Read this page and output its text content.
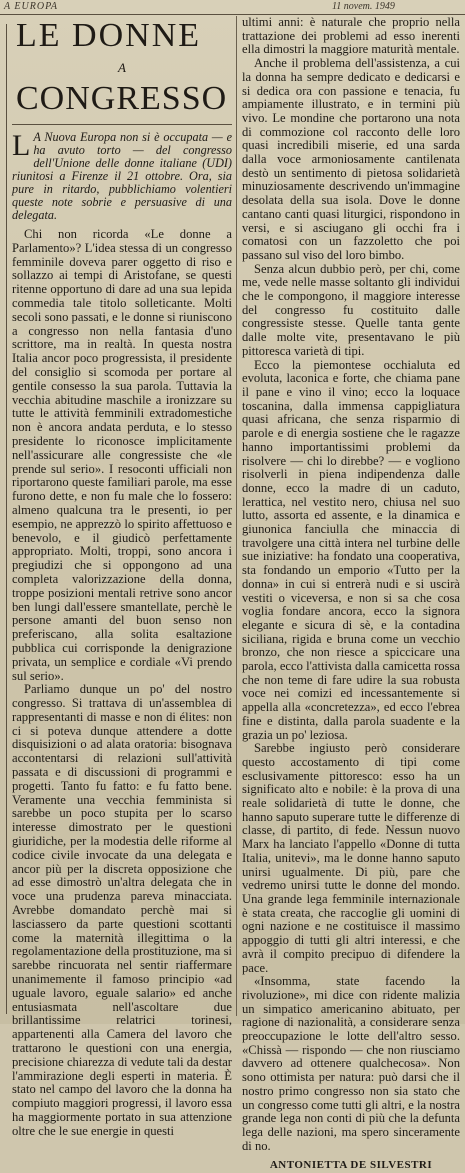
A EUROPA	11 novem. 1949
LE DONNE
A
CONGRESSO

L A Nuova Europa non si è occupata — e ha avuto torto — del congresso dell'Unione delle donne italiane (UDI) riunitosi a Firenze il 21 ottobre. Ora, sia pure in ritardo, pubblichiamo volentieri queste note sobrie e persuasive di una delegata.

Chi non ricorda «Le donne a Parlamento»? L'idea stessa di un congresso femminile doveva parer oggetto di riso e sollazzo ai tempi di Aristofane, se questi ritenne opportuno di dare ad una sua lepida commedia tale titolo solleticante. Molti secoli sono passati, e le donne si riuniscono a congresso non nella fantasia d'uno scrittore, ma in realtà. In questa nostra Italia ancor poco progressista, il presidente del consiglio si scomoda per portare al gentile consesso la sua parola. Tuttavia la vecchia abitudine maschile a ironizzare su tutte le attività femminili extradomestiche non è ancora andata perduta, e lo stesso presidente lo riconosce implicitamente nell'assicurare alle congressiste che «le prende sul serio». I resoconti ufficiali non riportarono queste familiari parole, ma esse furono dette, e non fu male che lo fossero: almeno qualcuna tra le presenti, io per esempio, ne apprezzò lo spirito affettuoso e benevolo, e il giudicò perfettamente appropriato. Molti, troppi, sono ancora i pregiudizi che si oppongono ad una completa valorizzazione della donna, troppe posizioni mentali retrive sono ancor ben lungi dall'essere smantellate, perchè le persone amanti del buon senso non preferiscano, alla solita esaltazione pubblica cui corrisponde la denigrazione privata, un semplice e cordiale «Vi prendo sul serio».

Parliamo dunque un po' del nostro congresso. Si trattava di un'assemblea di rappresentanti di masse e non di élites: non ci si poteva dunque attendere a dotte disquisizioni o ad alata oratoria: bisognava accontentarsi di relazioni sull'attività passata e di discussioni di programmi e progetti. Tanto fu fatto: e fu fatto bene. Veramente una vecchia femminista si sarebbe un poco stupita per lo scarso interesse dimostrato per le questioni giuridiche, per la modestia delle riforme al codice civile invocate da una delegata e ancor più per la discreta opposizione che ad esse dimostrò un'altra delegata che in voce una prudenza pareva minacciata. Avrebbe domandato perchè mai si lasciassero da parte questioni scottanti come la maternità illegittima o la regolamentazione della prostituzione, ma si sarebbe rincuorata nel sentir riaffermare unanimemente il famoso principio «ad uguale lavoro, eguale salario» ed anche entusiasmata nell'ascoltare due brillantissime relatrici torinesi, appartenenti alla Camera del lavoro che trattarono le questioni con una energia, precisione chiarezza di vedute tali da destar l'ammirazione degli esperti in materia. È stato nel campo del lavoro che la donna ha compiuto maggiori progressi, il lavoro essa ha maggiormente portato in sua attenzione oltre che le sue energie in questi

ultimi anni: è naturale che proprio nella trattazione dei problemi ad esso inerenti ella dimostri la maggiore maturità mentale.

Anche il problema dell'assistenza, a cui la donna ha sempre dedicato e dedicarsi e si dedica ora con passione e tenacia, fu ampiamente illustrato, e in termini più vivo. Le mondine che portarono una nota di commozione col racconto delle loro quasi incredibili miserie, ed una sarda dalla voce armoniosamente cantilenata destò un sentimento di pietosa solidarietà minuziosamente descrivendo un'immagine desolata della sua isola. Dove le donne cantano canti quasi liturgici, rispondono in versi, e si asciugano gli occhi fra i comatosi con un fazzoletto che poi passano sul viso del loro bimbo.

Senza alcun dubbio però, per chi, come me, vede nelle masse soltanto gli individui che le compongono, il maggiore interesse del congresso fu costituito dalle congressiste stesse. Quelle tanta gente dalle molte vite, presentavano le più pittoresca varietà di tipi.

Ecco la piemontese occhialuta ed evoluta, laconica e forte, che chiama pane il pane e vino il vino; ecco la loquace toscanina, dalla immensa cappigliatura quasi africana, che senza risparmio di parole e di energia sostiene che le ragazze hanno importantissimi problemi da risolvere — chi lo direbbe? — e vogliono risolverli in piena indipendenza dalle donne, ecco la madre di un caduto, lerattica, nel vestito nero, chiusa nel suo lutto, assorta ed assente, e la dinamica e giunonica fanciulla che minaccia di travolgere una città intera nel turbine delle sue iniziative: ha fondato una cooperativa, sta fondando un emporio «Tutto per la donna» in cui si entrerà nudi e si uscirà vestiti o viceversa, e non si sa che cosa voglia fondare ancora, ecco la signora elegante e sicura di sè, e la contadina siciliana, rigida e bruna come un vecchio bronzo, che non riesce a spiccicare una parola, ecco l'attivista dalla camicetta rossa che non teme di fare udire la sua robusta voce nei comizi ed incessantemente si appella alla «concretezza», ed ecco l'ebrea fine e distinta, dalla parola suadente e la grazia un po' leziosa.

Sarebbe ingiusto però considerare questo accostamento di tipi come esclusivamente pittoresco: esso ha un significato alto e nobile: è la prova di una reale solidarietà di tutte le donne, che hanno saputo superare tutte le differenze di classe, di partito, di fede. Nessun nuovo Marx ha lanciato l'appello «Donne di tutta Italia, unitevi», ma le donne hanno saputo unirsi ugualmente. Di più, pare che vedremo unirsi tutte le donne del mondo. Una grande lega femminile internazionale è stata creata, che raccoglie gli uomini di ogni nazione e ne costituisce il massimo appoggio di tutti gli altri interessi, e che avrà il compito precipuo di difendere la pace.

«Insomma, state facendo la rivoluzione», mi dice con ridente malizia un simpatico americanino abituato, per ragione di nazionalità, a considerare senza preoccupazione le lotte dell'altro sesso. «Chissà — rispondo — che non riusciamo davvero ad ottenere qualchecosa». Non sono ottimista per natura: può darsi che il nostro primo congresso non sia stato che un congresso come tutti gli altri, e la nostra grande lega non conti di più che la defunta lega delle nazioni, ma spero sinceramente di no.

ANTONIETTA DE SILVESTRI
